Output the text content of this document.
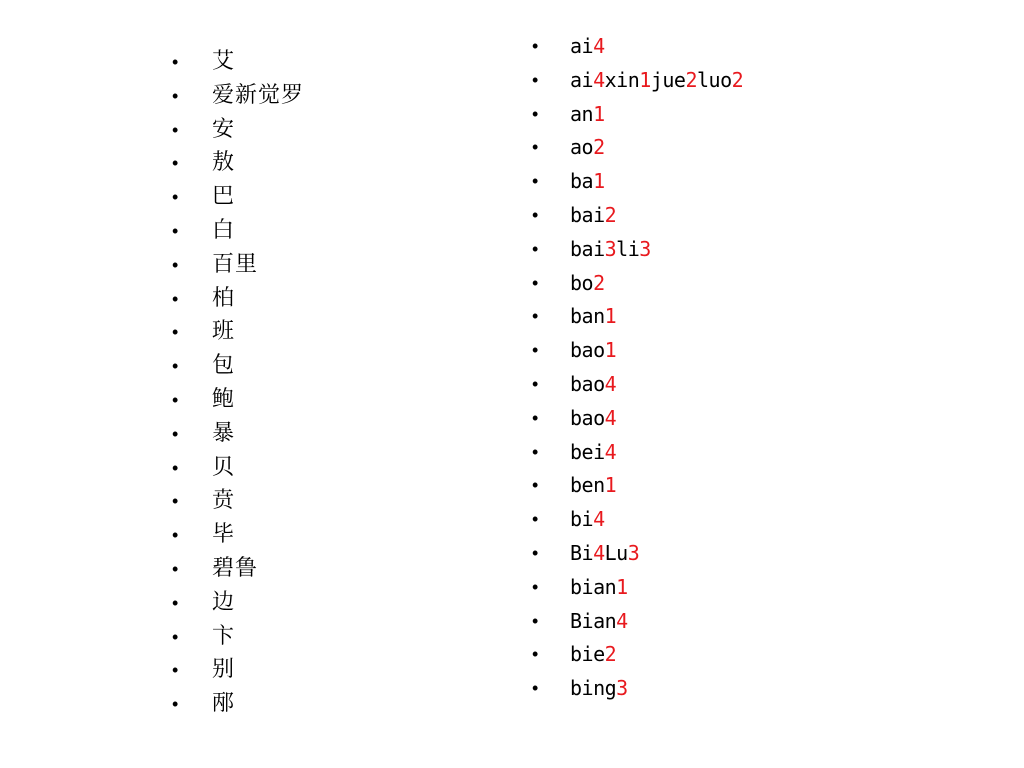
• 艾
• 爱新觉罗
• 安
• 敖
• 巴
• 白
• 百里
• 柏
• 班
• 包
• 鲍
• 暴
• 贝
• 贲
• 毕
• 碧鲁
• 边
• 卞
• 别
• 邴
• ai4
• ai4xin1jue2luo2
• an1
• ao2
• ba1
• bai2
• bai3li3
• bo2
• ban1
• bao1
• bao4
• bao4
• bei4
• ben1
• bi4
• Bi4Lu3
• bian1
• Bian4
• bie2
• bing3
